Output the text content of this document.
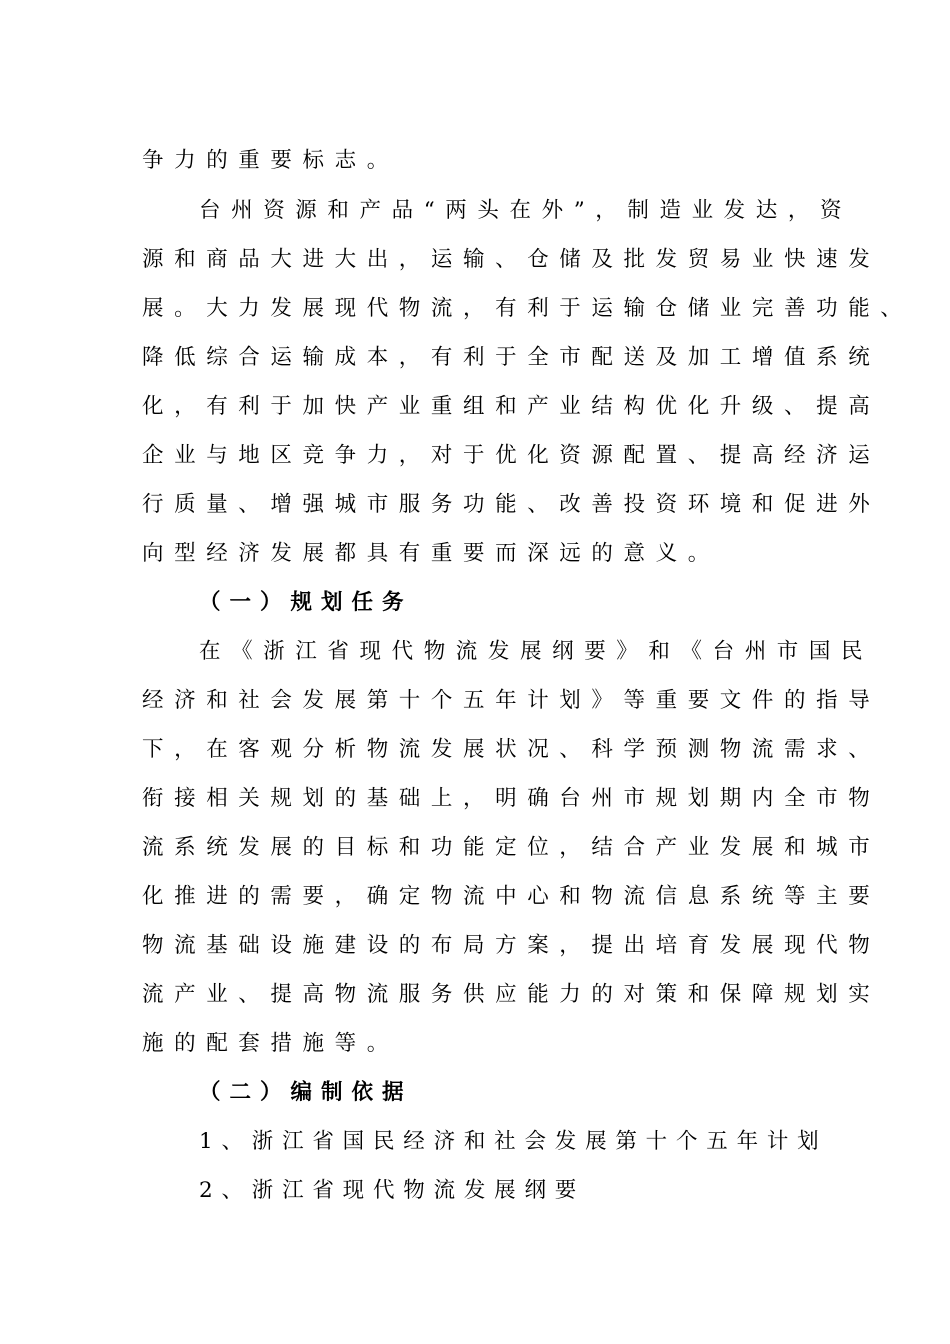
争力的重要标志。
台州资源和产品“两头在外”，制造业发达，资
源和商品大进大出，运输、仓储及批发贸易业快速发
展。大力发展现代物流，有利于运输仓储业完善功能、
降低综合运输成本，有利于全市配送及加工增值系统
化，有利于加快产业重组和产业结构优化升级、提高
企业与地区竞争力，对于优化资源配置、提高经济运
行质量、增强城市服务功能、改善投资环境和促进外
向型经济发展都具有重要而深远的意义。
（一）规划任务
在《浙江省现代物流发展纲要》和《台州市国民
经济和社会发展第十个五年计划》等重要文件的指导
下，在客观分析物流发展状况、科学预测物流需求、
衔接相关规划的基础上，明确台州市规划期内全市物
流系统发展的目标和功能定位，结合产业发展和城市
化推进的需要，确定物流中心和物流信息系统等主要
物流基础设施建设的布局方案，提出培育发展现代物
流产业、提高物流服务供应能力的对策和保障规划实
施的配套措施等。
（二）编制依据
1、浙江省国民经济和社会发展第十个五年计划
2、浙江省现代物流发展纲要
